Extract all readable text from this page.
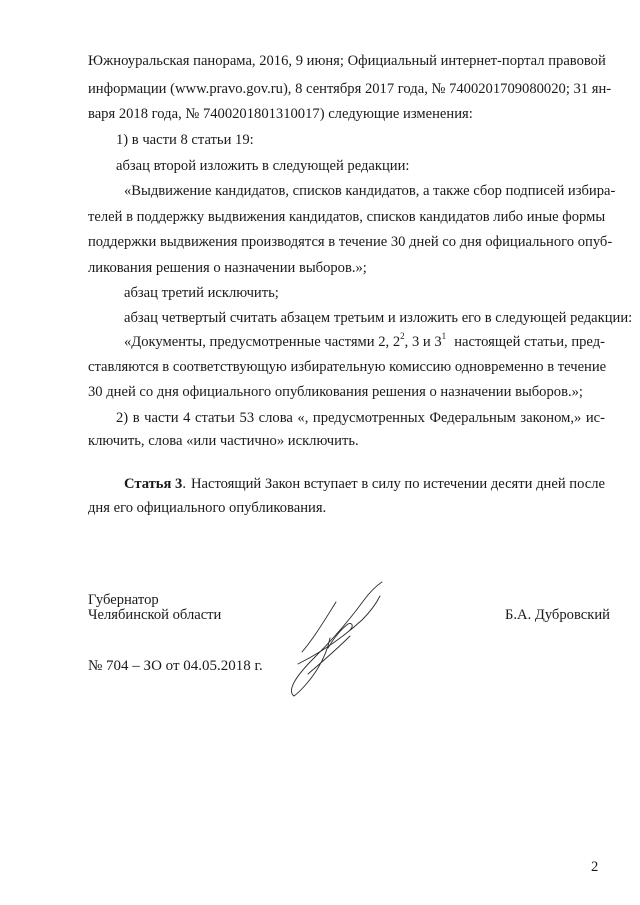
Южноуральская панорама, 2016, 9 июня; Официальный интернет-портал правовой
информации (www.pravo.gov.ru), 8 сентября 2017 года, № 7400201709080020; 31 ян-
варя 2018 года, № 7400201801310017) следующие изменения:
1) в части 8 статьи 19:
абзац второй изложить в следующей редакции:
«Выдвижение кандидатов, списков кандидатов, а также сбор подписей избира-
телей в поддержку выдвижения кандидатов, списков кандидатов либо иные формы
поддержки выдвижения производятся в течение 30 дней со дня официального опуб-
ликования решения о назначении выборов.»;
абзац третий исключить;
абзац четвертый считать абзацем третьим и изложить его в следующей редакции:
«Документы, предусмотренные частями 2, $2^2$, 3 и $3^1$ настоящей статьи, пред-
ставляются в соответствующую избирательную комиссию одновременно в течение
30 дней со дня официального опубликования решения о назначении выборов.»;
2) в части 4 статьи 53 слова «, предусмотренных Федеральным законом,» ис-
ключить, слова «или частично» исключить.
Статья 3. Настоящий Закон вступает в силу по истечении десяти дней после
дня его официального опубликования.
Губернатор
Челябинской области	Б.А. Дубровский
№ 704 – ЗО от 04.05.2018 г.
2
